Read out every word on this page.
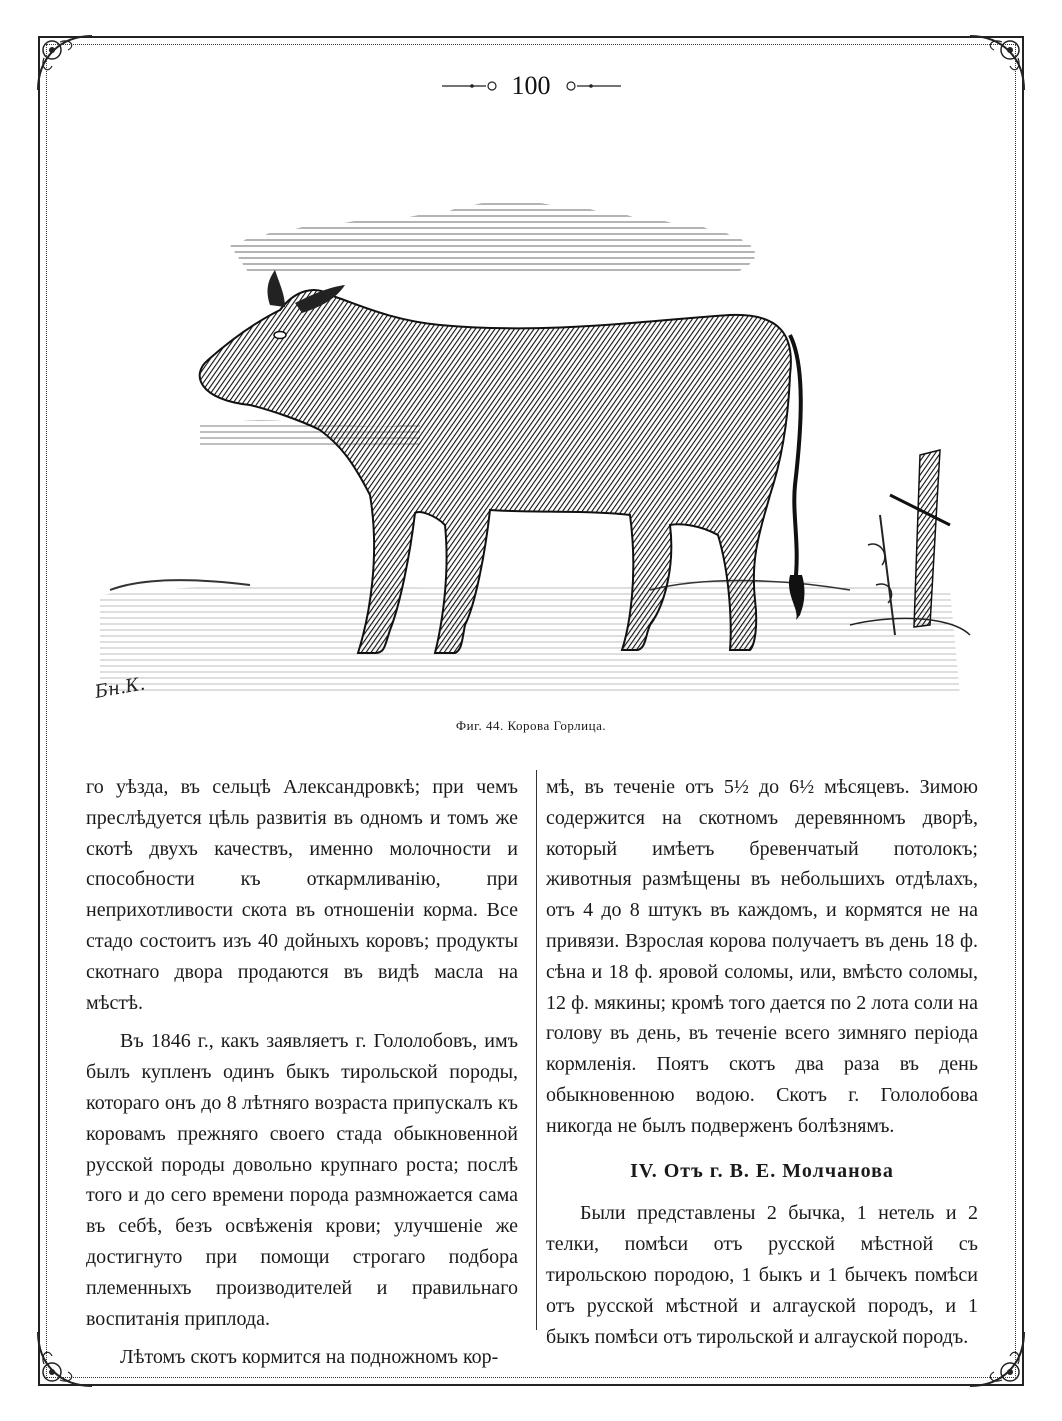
100
Фиг. 44. Корова Горлица.
Бн.К.

го уѣзда, въ сельцѣ Александровкѣ; при чемъ преслѣдуется цѣль развитія въ одномъ и томъ же скотѣ двухъ качествъ, именно молочности и способности къ откармливанію, при неприхотливости скота въ отношеніи корма. Все стадо состоитъ изъ 40 дойныхъ коровъ; продукты скотнаго двора продаются въ видѣ масла на мѣстѣ.

Въ 1846 г., какъ заявляетъ г. Гололобовъ, имъ былъ купленъ одинъ быкъ тирольской породы, котораго онъ до 8 лѣтняго возраста припускалъ къ коровамъ прежняго своего стада обыкновенной русской породы довольно крупнаго роста; послѣ того и до сего времени порода размножается сама въ себѣ, безъ освѣженія крови; улучшеніе же достигнуто при помощи строгаго подбора племенныхъ производителей и правильнаго воспитанія приплода.

Лѣтомъ скотъ кормится на подножномъ кор-

мѣ, въ теченіе отъ 5½ до 6½ мѣсяцевъ. Зимою содержится на скотномъ деревянномъ дворѣ, который имѣетъ бревенчатый потолокъ; животныя размѣщены въ небольшихъ отдѣлахъ, отъ 4 до 8 штукъ въ каждомъ, и кормятся не на привязи. Взрослая корова получаетъ въ день 18 ф. сѣна и 18 ф. яровой соломы, или, вмѣсто соломы, 12 ф. мякины; кромѣ того дается по 2 лота соли на голову въ день, въ теченіе всего зимняго періода кормленія. Поятъ скотъ два раза въ день обыкновенною водою. Скотъ г. Гололобова никогда не былъ подверженъ болѣзнямъ.

IV. Отъ г. В. Е. Молчанова

Были представлены 2 бычка, 1 нетель и 2 телки, помѣси отъ русской мѣстной съ тирольскою породою, 1 быкъ и 1 бычекъ помѣси отъ русской мѣстной и алгауской породъ, и 1 быкъ помѣси отъ тирольской и алгауской породъ.
